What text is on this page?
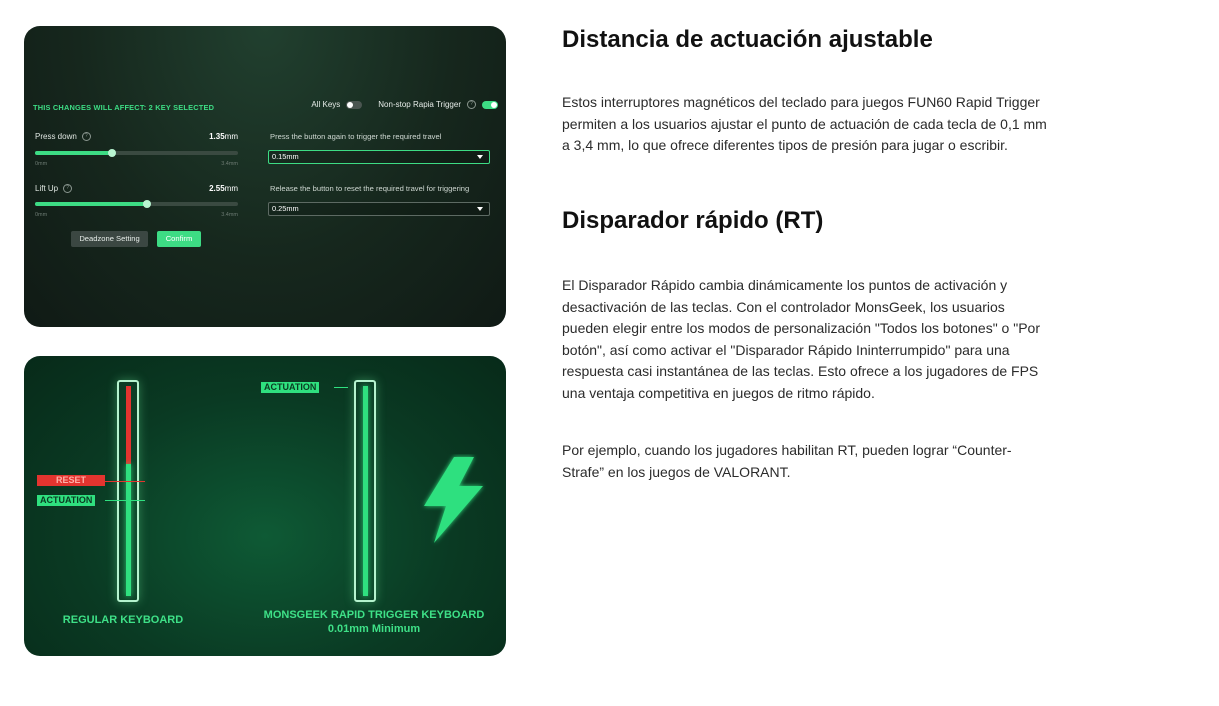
THIS CHANGES WILL AFFECT: 2 KEY SELECTED	All Keys	Non-stop Rapia Trigger	?
Press down	?	1.35mm
0mm	3.4mm
Lift Up	?	2.55mm
0mm	3.4mm
Press the button again to trigger the required travel
0.15mm
Release the button to reset the required travel for triggering
0.25mm
Deadzone Setting	Confirm
RESET
ACTUATION
REGULAR KEYBOARD
ACTUATION
MONSGEEK RAPID TRIGGER KEYBOARD
0.01mm Minimum
Distancia de actuación ajustable

Estos interruptores magnéticos del teclado para juegos FUN60 Rapid Trigger permiten a los usuarios ajustar el punto de actuación de cada tecla de 0,1 mm a 3,4 mm, lo que ofrece diferentes tipos de presión para jugar o escribir.

Disparador rápido (RT)

El Disparador Rápido cambia dinámicamente los puntos de activación y desactivación de las teclas. Con el controlador MonsGeek, los usuarios pueden elegir entre los modos de personalización "Todos los botones" o "Por botón", así como activar el "Disparador Rápido Ininterrumpido" para una respuesta casi instantánea de las teclas. Esto ofrece a los jugadores de FPS una ventaja competitiva en juegos de ritmo rápido.

Por ejemplo, cuando los jugadores habilitan RT, pueden lograr “Counter-Strafe” en los juegos de VALORANT.
